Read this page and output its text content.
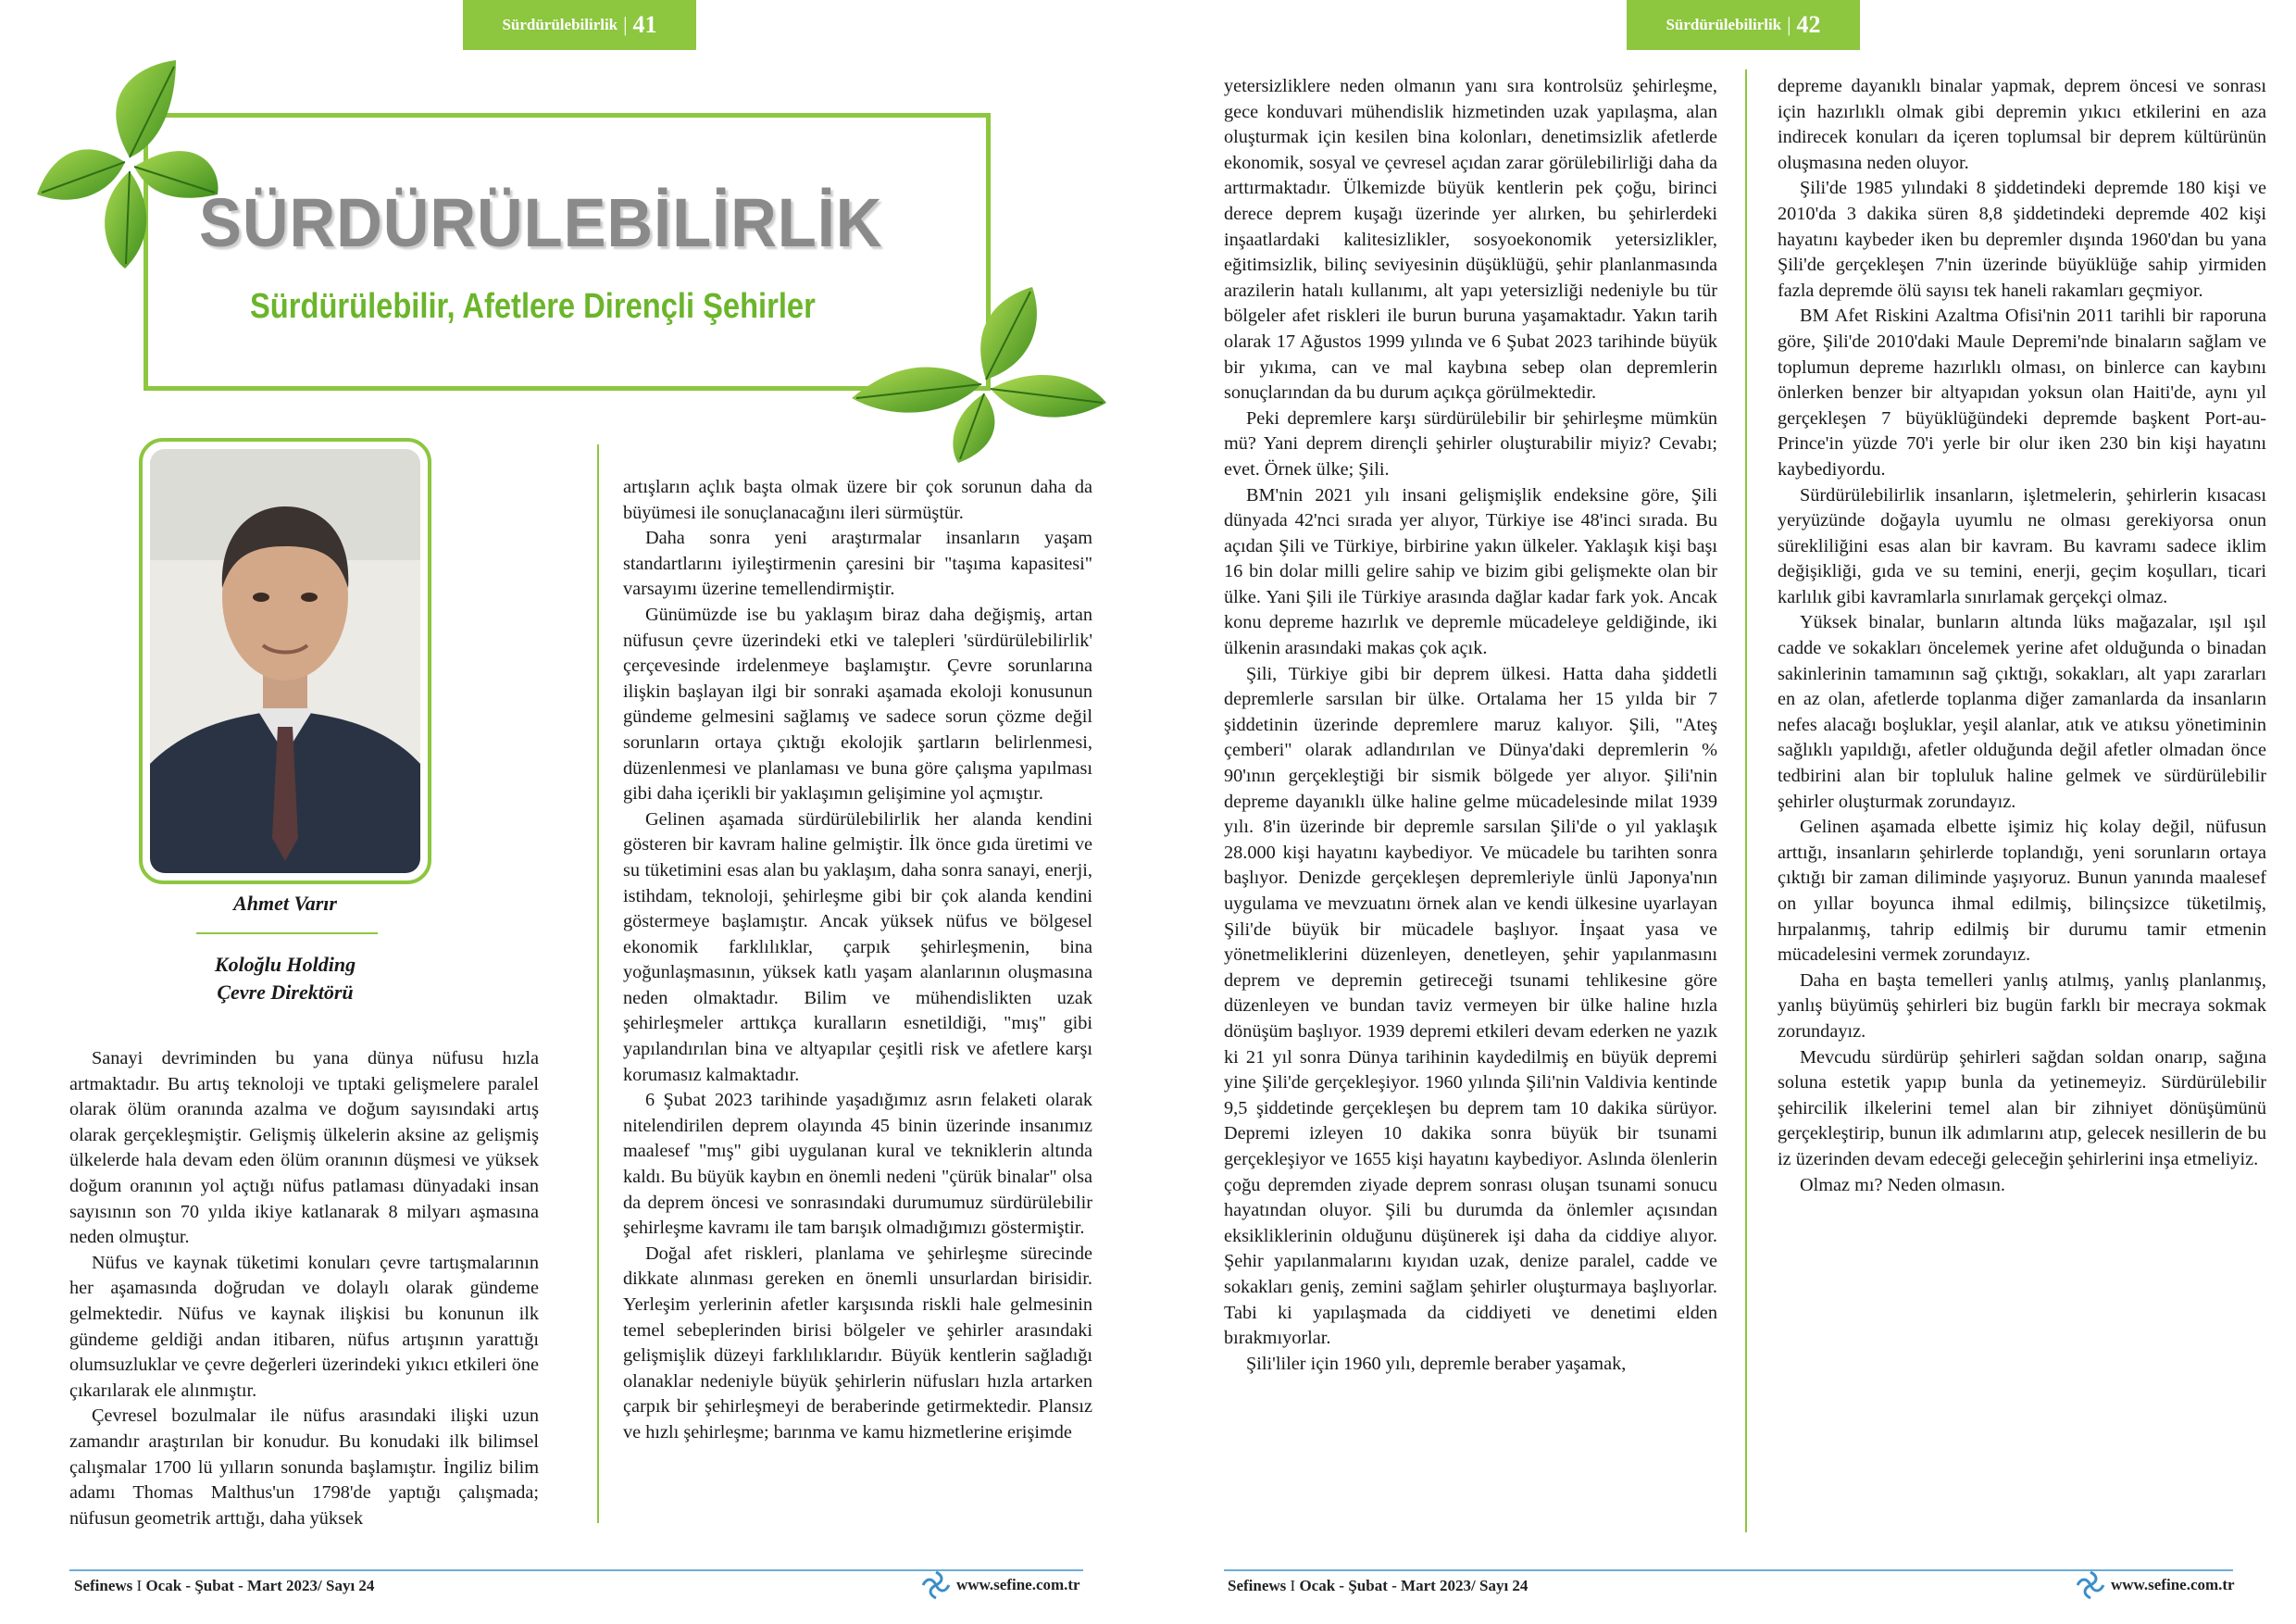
Sürdürülebilirlik | 41
SÜRDÜRÜLEBİLİRLİK
Sürdürülebilir, Afetlere Dirençli Şehirler
Ahmet Varır
Koloğlu Holding
Çevre Direktörü

Sanayi devriminden bu yana dünya nüfusu hızla artmaktadır. Bu artış teknoloji ve tıptaki gelişmelere paralel olarak ölüm oranında azalma ve doğum sayısındaki artış olarak gerçekleşmiştir. Gelişmiş ülkelerin aksine az gelişmiş ülkelerde hala devam eden ölüm oranının düşmesi ve yüksek doğum oranının yol açtığı nüfus patlaması dünyadaki insan sayısının son 70 yılda ikiye katlanarak 8 milyarı aşmasına neden olmuştur.

Nüfus ve kaynak tüketimi konuları çevre tartışmalarının her aşamasında doğrudan ve dolaylı olarak gündeme gelmektedir. Nüfus ve kaynak ilişkisi bu konunun ilk gündeme geldiği andan itibaren, nüfus artışının yarattığı olumsuzluklar ve çevre değerleri üzerindeki yıkıcı etkileri öne çıkarılarak ele alınmıştır.

Çevresel bozulmalar ile nüfus arasındaki ilişki uzun zamandır araştırılan bir konudur. Bu konudaki ilk bilimsel çalışmalar 1700 lü yılların sonunda başlamıştır. İngiliz bilim adamı Thomas Malthus'un 1798'de yaptığı çalışmada; nüfusun geometrik arttığı, daha yüksek

artışların açlık başta olmak üzere bir çok sorunun daha da büyümesi ile sonuçlanacağını ileri sürmüştür.

Daha sonra yeni araştırmalar insanların yaşam standartlarını iyileştirmenin çaresini bir "taşıma kapasitesi" varsayımı üzerine temellendirmiştir.

Günümüzde ise bu yaklaşım biraz daha değişmiş, artan nüfusun çevre üzerindeki etki ve talepleri 'sürdürülebilirlik' çerçevesinde irdelenmeye başlamıştır. Çevre sorunlarına ilişkin başlayan ilgi bir sonraki aşamada ekoloji konusunun gündeme gelmesini sağlamış ve sadece sorun çözme değil sorunların ortaya çıktığı ekolojik şartların belirlenmesi, düzenlenmesi ve planlaması ve buna göre çalışma yapılması gibi daha içerikli bir yaklaşımın gelişimine yol açmıştır.

Gelinen aşamada sürdürülebilirlik her alanda kendini gösteren bir kavram haline gelmiştir. İlk önce gıda üretimi ve su tüketimini esas alan bu yaklaşım, daha sonra sanayi, enerji, istihdam, teknoloji, şehirleşme gibi bir çok alanda kendini göstermeye başlamıştır. Ancak yüksek nüfus ve bölgesel ekonomik farklılıklar, çarpık şehirleşmenin, bina yoğunlaşmasının, yüksek katlı yaşam alanlarının oluşmasına neden olmaktadır. Bilim ve mühendislikten uzak şehirleşmeler arttıkça kuralların esnetildiği, "mış" gibi yapılandırılan bina ve altyapılar çeşitli risk ve afetlere karşı korumasız kalmaktadır.

6 Şubat 2023 tarihinde yaşadığımız asrın felaketi olarak nitelendirilen deprem olayında 45 binin üzerinde insanımız maalesef "mış" gibi uygulanan kural ve tekniklerin altında kaldı. Bu büyük kaybın en önemli nedeni "çürük binalar" olsa da deprem öncesi ve sonrasındaki durumumuz sürdürülebilir şehirleşme kavramı ile tam barışık olmadığımızı göstermiştir.

Doğal afet riskleri, planlama ve şehirleşme sürecinde dikkate alınması gereken en önemli unsurlardan birisidir. Yerleşim yerlerinin afetler karşısında riskli hale gelmesinin temel sebeplerinden birisi bölgeler ve şehirler arasındaki gelişmişlik düzeyi farklılıklarıdır. Büyük kentlerin sağladığı olanaklar nedeniyle büyük şehirlerin nüfusları hızla artarken çarpık bir şehirleşmeyi de beraberinde getirmektedir. Plansız ve hızlı şehirleşme; barınma ve kamu hizmetlerine erişimde

Sefinews I Ocak - Şubat - Mart 2023/ Sayı 24	www.sefine.com.tr
Sürdürülebilirlik | 42

yetersizliklere neden olmanın yanı sıra kontrolsüz şehirleşme, gece konduvari mühendislik hizmetinden uzak yapılaşma, alan oluşturmak için kesilen bina kolonları, denetimsizlik afetlerde ekonomik, sosyal ve çevresel açıdan zarar görülebilirliği daha da arttırmaktadır. Ülkemizde büyük kentlerin pek çoğu, birinci derece deprem kuşağı üzerinde yer alırken, bu şehirlerdeki inşaatlardaki kalitesizlikler, sosyoekonomik yetersizlikler, eğitimsizlik, bilinç seviyesinin düşüklüğü, şehir planlanmasında arazilerin hatalı kullanımı, alt yapı yetersizliği nedeniyle bu tür bölgeler afet riskleri ile burun buruna yaşamaktadır. Yakın tarih olarak 17 Ağustos 1999 yılında ve 6 Şubat 2023 tarihinde büyük bir yıkıma, can ve mal kaybına sebep olan depremlerin sonuçlarından da bu durum açıkça görülmektedir.

Peki depremlere karşı sürdürülebilir bir şehirleşme mümkün mü? Yani deprem dirençli şehirler oluşturabilir miyiz? Cevabı; evet. Örnek ülke; Şili.

BM'nin 2021 yılı insani gelişmişlik endeksine göre, Şili dünyada 42'nci sırada yer alıyor, Türkiye ise 48'inci sırada. Bu açıdan Şili ve Türkiye, birbirine yakın ülkeler. Yaklaşık kişi başı 16 bin dolar milli gelire sahip ve bizim gibi gelişmekte olan bir ülke. Yani Şili ile Türkiye arasında dağlar kadar fark yok. Ancak konu depreme hazırlık ve depremle mücadeleye geldiğinde, iki ülkenin arasındaki makas çok açık.

Şili, Türkiye gibi bir deprem ülkesi. Hatta daha şiddetli depremlerle sarsılan bir ülke. Ortalama her 15 yılda bir 7 şiddetinin üzerinde depremlere maruz kalıyor. Şili, "Ateş çemberi" olarak adlandırılan ve Dünya'daki depremlerin % 90'ının gerçekleştiği bir sismik bölgede yer alıyor. Şili'nin depreme dayanıklı ülke haline gelme mücadelesinde milat 1939 yılı. 8'in üzerinde bir depremle sarsılan Şili'de o yıl yaklaşık 28.000 kişi hayatını kaybediyor. Ve mücadele bu tarihten sonra başlıyor. Denizde gerçekleşen depremleriyle ünlü Japonya'nın uygulama ve mevzuatını örnek alan ve kendi ülkesine uyarlayan Şili'de büyük bir mücadele başlıyor. İnşaat yasa ve yönetmeliklerini düzenleyen, denetleyen, şehir yapılanmasını deprem ve depremin getireceği tsunami tehlikesine göre düzenleyen ve bundan taviz vermeyen bir ülke haline hızla dönüşüm başlıyor. 1939 depremi etkileri devam ederken ne yazık ki 21 yıl sonra Dünya tarihinin kaydedilmiş en büyük depremi yine Şili'de gerçekleşiyor. 1960 yılında Şili'nin Valdivia kentinde 9,5 şiddetinde gerçekleşen bu deprem tam 10 dakika sürüyor. Depremi izleyen 10 dakika sonra büyük bir tsunami gerçekleşiyor ve 1655 kişi hayatını kaybediyor. Aslında ölenlerin çoğu depremden ziyade deprem sonrası oluşan tsunami sonucu hayatından oluyor. Şili bu durumda da önlemler açısından eksikliklerinin olduğunu düşünerek işi daha da ciddiye alıyor. Şehir yapılanmalarını kıyıdan uzak, denize paralel, cadde ve sokakları geniş, zemini sağlam şehirler oluşturmaya başlıyorlar. Tabi ki yapılaşmada da ciddiyeti ve denetimi elden bırakmıyorlar.

Şili'liler için 1960 yılı, depremle beraber yaşamak,

depreme dayanıklı binalar yapmak, deprem öncesi ve sonrası için hazırlıklı olmak gibi depremin yıkıcı etkilerini en aza indirecek konuları da içeren toplumsal bir deprem kültürünün oluşmasına neden oluyor.

Şili'de 1985 yılındaki 8 şiddetindeki depremde 180 kişi ve 2010'da 3 dakika süren 8,8 şiddetindeki depremde 402 kişi hayatını kaybeder iken bu depremler dışında 1960'dan bu yana Şili'de gerçekleşen 7'nin üzerinde büyüklüğe sahip yirmiden fazla depremde ölü sayısı tek haneli rakamları geçmiyor.

BM Afet Riskini Azaltma Ofisi'nin 2011 tarihli bir raporuna göre, Şili'de 2010'daki Maule Depremi'nde binaların sağlam ve toplumun depreme hazırlıklı olması, on binlerce can kaybını önlerken benzer bir altyapıdan yoksun olan Haiti'de, aynı yıl gerçekleşen 7 büyüklüğündeki depremde başkent Port-au-Prince'in yüzde 70'i yerle bir olur iken 230 bin kişi hayatını kaybediyordu.

Sürdürülebilirlik insanların, işletmelerin, şehirlerin kısacası yeryüzünde doğayla uyumlu ne olması gerekiyorsa onun sürekliliğini esas alan bir kavram. Bu kavramı sadece iklim değişikliği, gıda ve su temini, enerji, geçim koşulları, ticari karlılık gibi kavramlarla sınırlamak gerçekçi olmaz.

Yüksek binalar, bunların altında lüks mağazalar, ışıl ışıl cadde ve sokakları öncelemek yerine afet olduğunda o binadan sakinlerinin tamamının sağ çıktığı, sokakları, alt yapı zararları en az olan, afetlerde toplanma diğer zamanlarda da insanların nefes alacağı boşluklar, yeşil alanlar, atık ve atıksu yönetiminin sağlıklı yapıldığı, afetler olduğunda değil afetler olmadan önce tedbirini alan bir topluluk haline gelmek ve sürdürülebilir şehirler oluşturmak zorundayız.

Gelinen aşamada elbette işimiz hiç kolay değil, nüfusun arttığı, insanların şehirlerde toplandığı, yeni sorunların ortaya çıktığı bir zaman diliminde yaşıyoruz. Bunun yanında maalesef on yıllar boyunca ihmal edilmiş, bilinçsizce tüketilmiş, hırpalanmış, tahrip edilmiş bir durumu tamir etmenin mücadelesini vermek zorundayız.

Daha en başta temelleri yanlış atılmış, yanlış planlanmış, yanlış büyümüş şehirleri biz bugün farklı bir mecraya sokmak zorundayız.

Mevcudu sürdürüp şehirleri sağdan soldan onarıp, sağına soluna estetik yapıp bunla da yetinemeyiz. Sürdürülebilir şehircilik ilkelerini temel alan bir zihniyet dönüşümünü gerçekleştirip, bunun ilk adımlarını atıp, gelecek nesillerin de bu iz üzerinden devam edeceği geleceğin şehirlerini inşa etmeliyiz.

Olmaz mı? Neden olmasın.

Sefinews I Ocak - Şubat - Mart 2023/ Sayı 24	www.sefine.com.tr
